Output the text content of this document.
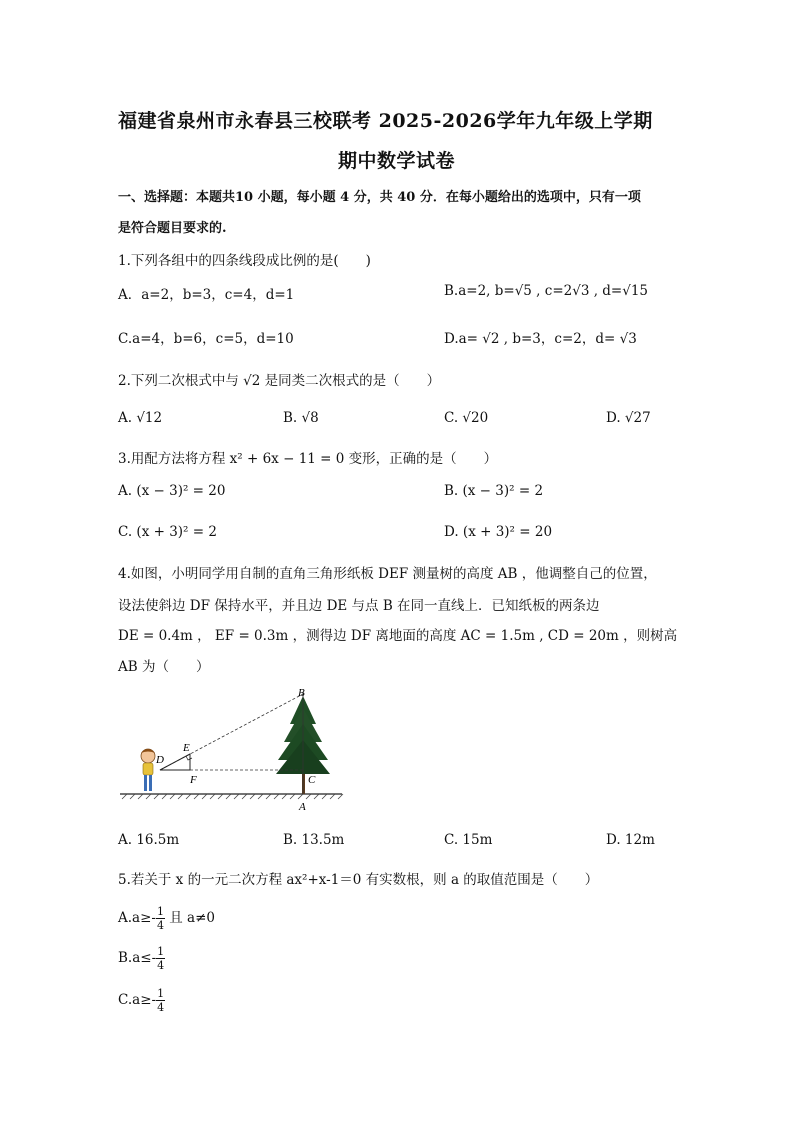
福建省泉州市永春县三校联考 2025-2026学年九年级上学期
期中数学试卷
一、选择题：本题共10 小题，每小题 4 分，共 40 分．在每小题给出的选项中，只有一项
是符合题目要求的.
1.下列各组中的四条线段成比例的是(　　)
A．a=2，b=3，c=4，d=1	B.a=2, b=√5 , c=2√3 , d=√15
C.a=4，b=6，c=5，d=10	D.a= √2 , b=3，c=2，d= √3
2.下列二次根式中与 √2 是同类二次根式的是（　　）
A. √12	B. √8	C. √20	D. √27
3.用配方法将方程 x² + 6x − 11 = 0 变形，正确的是（　　）
A. (x − 3)² = 20	B. (x − 3)² = 2
C. (x + 3)² = 2	D. (x + 3)² = 20
4.如图，小明同学用自制的直角三角形纸板 DEF 测量树的高度 AB ，他调整自己的位置，
设法使斜边 DF 保持水平，并且边 DE 与点 B 在同一直线上．已知纸板的两条边
DE = 0.4m ， EF = 0.3m ，测得边 DF 离地面的高度 AC = 1.5m , CD = 20m ，则树高
AB 为（　　）
B
E
D
F	C
A
A. 16.5m	B. 13.5m	C. 15m	D. 12m
5.若关于 x 的一元二次方程 ax²+x-1＝0 有实数根，则 a 的取值范围是（　　）
$A.a\ge- \frac{1}{4}$ 且 a≠0
$B.a\le- \frac{1}{4}$
$C.a\ge- \frac{1}{4}$
